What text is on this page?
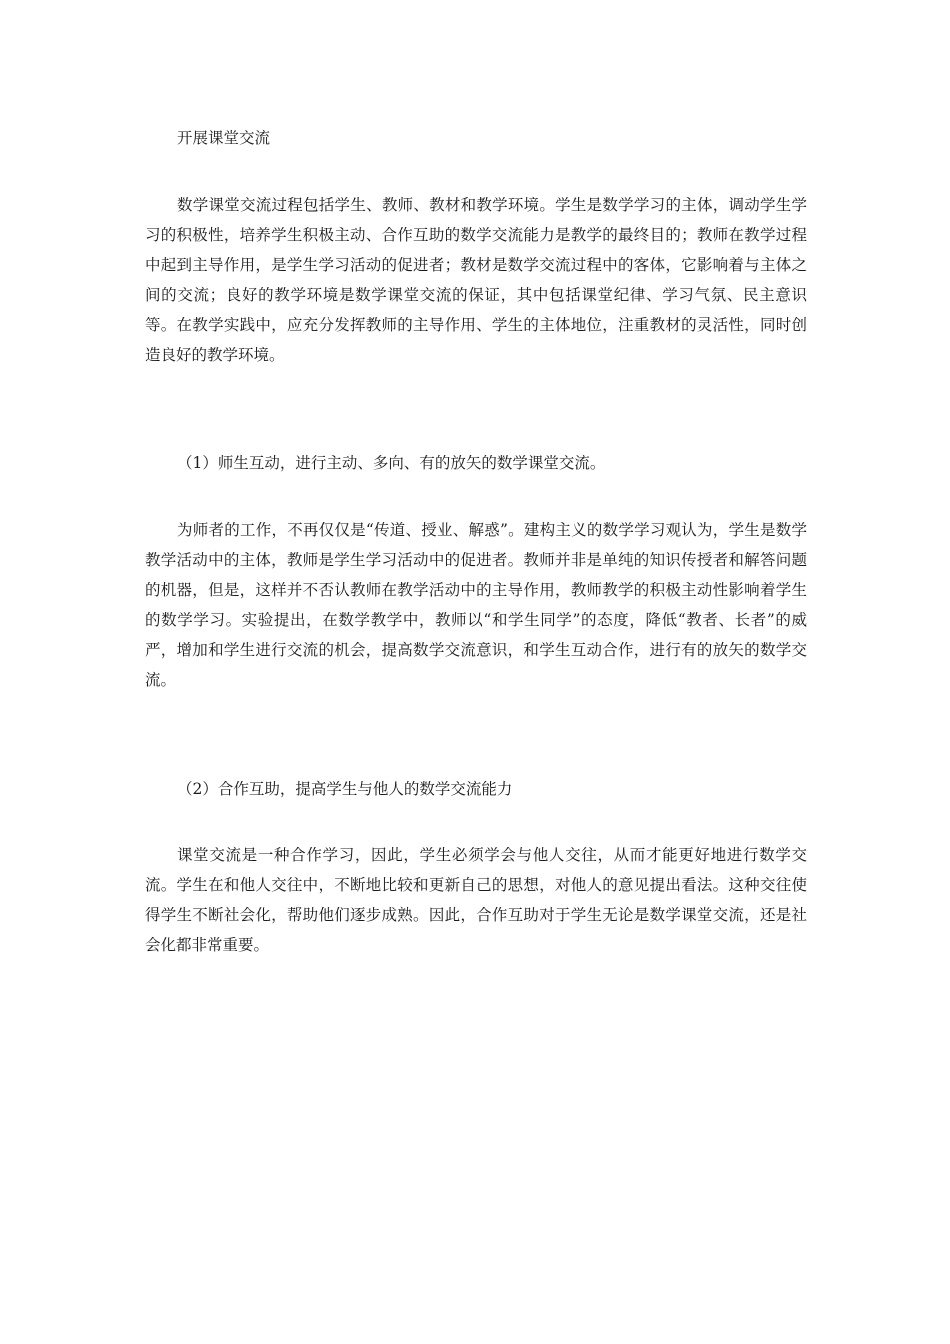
开展课堂交流

数学课堂交流过程包括学生、教师、教材和教学环境。学生是数学学习的主体，调动学生学习的积极性，培养学生积极主动、合作互助的数学交流能力是教学的最终目的；教师在教学过程中起到主导作用，是学生学习活动的促进者；教材是数学交流过程中的客体，它影响着与主体之间的交流；良好的教学环境是数学课堂交流的保证，其中包括课堂纪律、学习气氛、民主意识等。在教学实践中，应充分发挥教师的主导作用、学生的主体地位，注重教材的灵活性，同时创造良好的教学环境。

（1）师生互动，进行主动、多向、有的放矢的数学课堂交流。

为师者的工作，不再仅仅是“传道、授业、解惑”。建构主义的数学学习观认为，学生是数学教学活动中的主体，教师是学生学习活动中的促进者。教师并非是单纯的知识传授者和解答问题的机器，但是，这样并不否认教师在教学活动中的主导作用，教师教学的积极主动性影响着学生的数学学习。实验提出，在数学教学中，教师以“和学生同学”的态度，降低“教者、长者”的威严，增加和学生进行交流的机会，提高数学交流意识，和学生互动合作，进行有的放矢的数学交流。

（2）合作互助，提高学生与他人的数学交流能力

课堂交流是一种合作学习，因此，学生必须学会与他人交往，从而才能更好地进行数学交流。学生在和他人交往中，不断地比较和更新自己的思想，对他人的意见提出看法。这种交往使得学生不断社会化，帮助他们逐步成熟。因此，合作互助对于学生无论是数学课堂交流，还是社会化都非常重要。
